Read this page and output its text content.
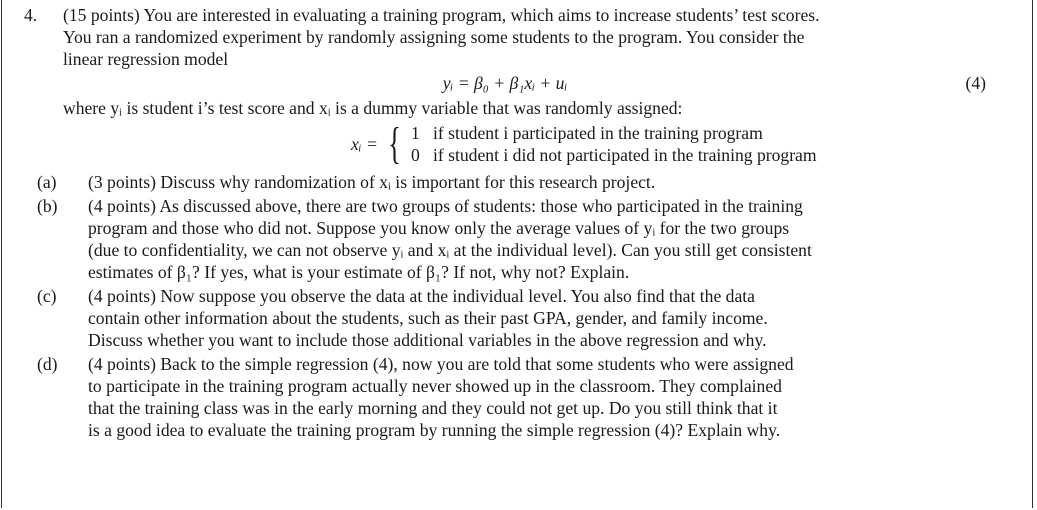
4.	(15 points) You are interested in evaluating a training program, which aims to increase students’ test scores.
You ran a randomized experiment by randomly assigning some students to the program. You consider the
linear regression model
yᵢ = β₀ + β₁xᵢ + uᵢ	(4)
where yᵢ is student i’s test score and xᵢ is a dummy variable that was randomly assigned:
xᵢ = { 1 if student i participated in the training program
0 if student i did not participated in the training program
(a)	(3 points) Discuss why randomization of xᵢ is important for this research project.
(b)	(4 points) As discussed above, there are two groups of students: those who participated in the training
program and those who did not. Suppose you know only the average values of yᵢ for the two groups
(due to confidentiality, we can not observe yᵢ and xᵢ at the individual level). Can you still get consistent
estimates of β₁? If yes, what is your estimate of β₁? If not, why not? Explain.
(c)	(4 points) Now suppose you observe the data at the individual level. You also find that the data
contain other information about the students, such as their past GPA, gender, and family income.
Discuss whether you want to include those additional variables in the above regression and why.
(d)	(4 points) Back to the simple regression (4), now you are told that some students who were assigned
to participate in the training program actually never showed up in the classroom. They complained
that the training class was in the early morning and they could not get up. Do you still think that it
is a good idea to evaluate the training program by running the simple regression (4)? Explain why.
